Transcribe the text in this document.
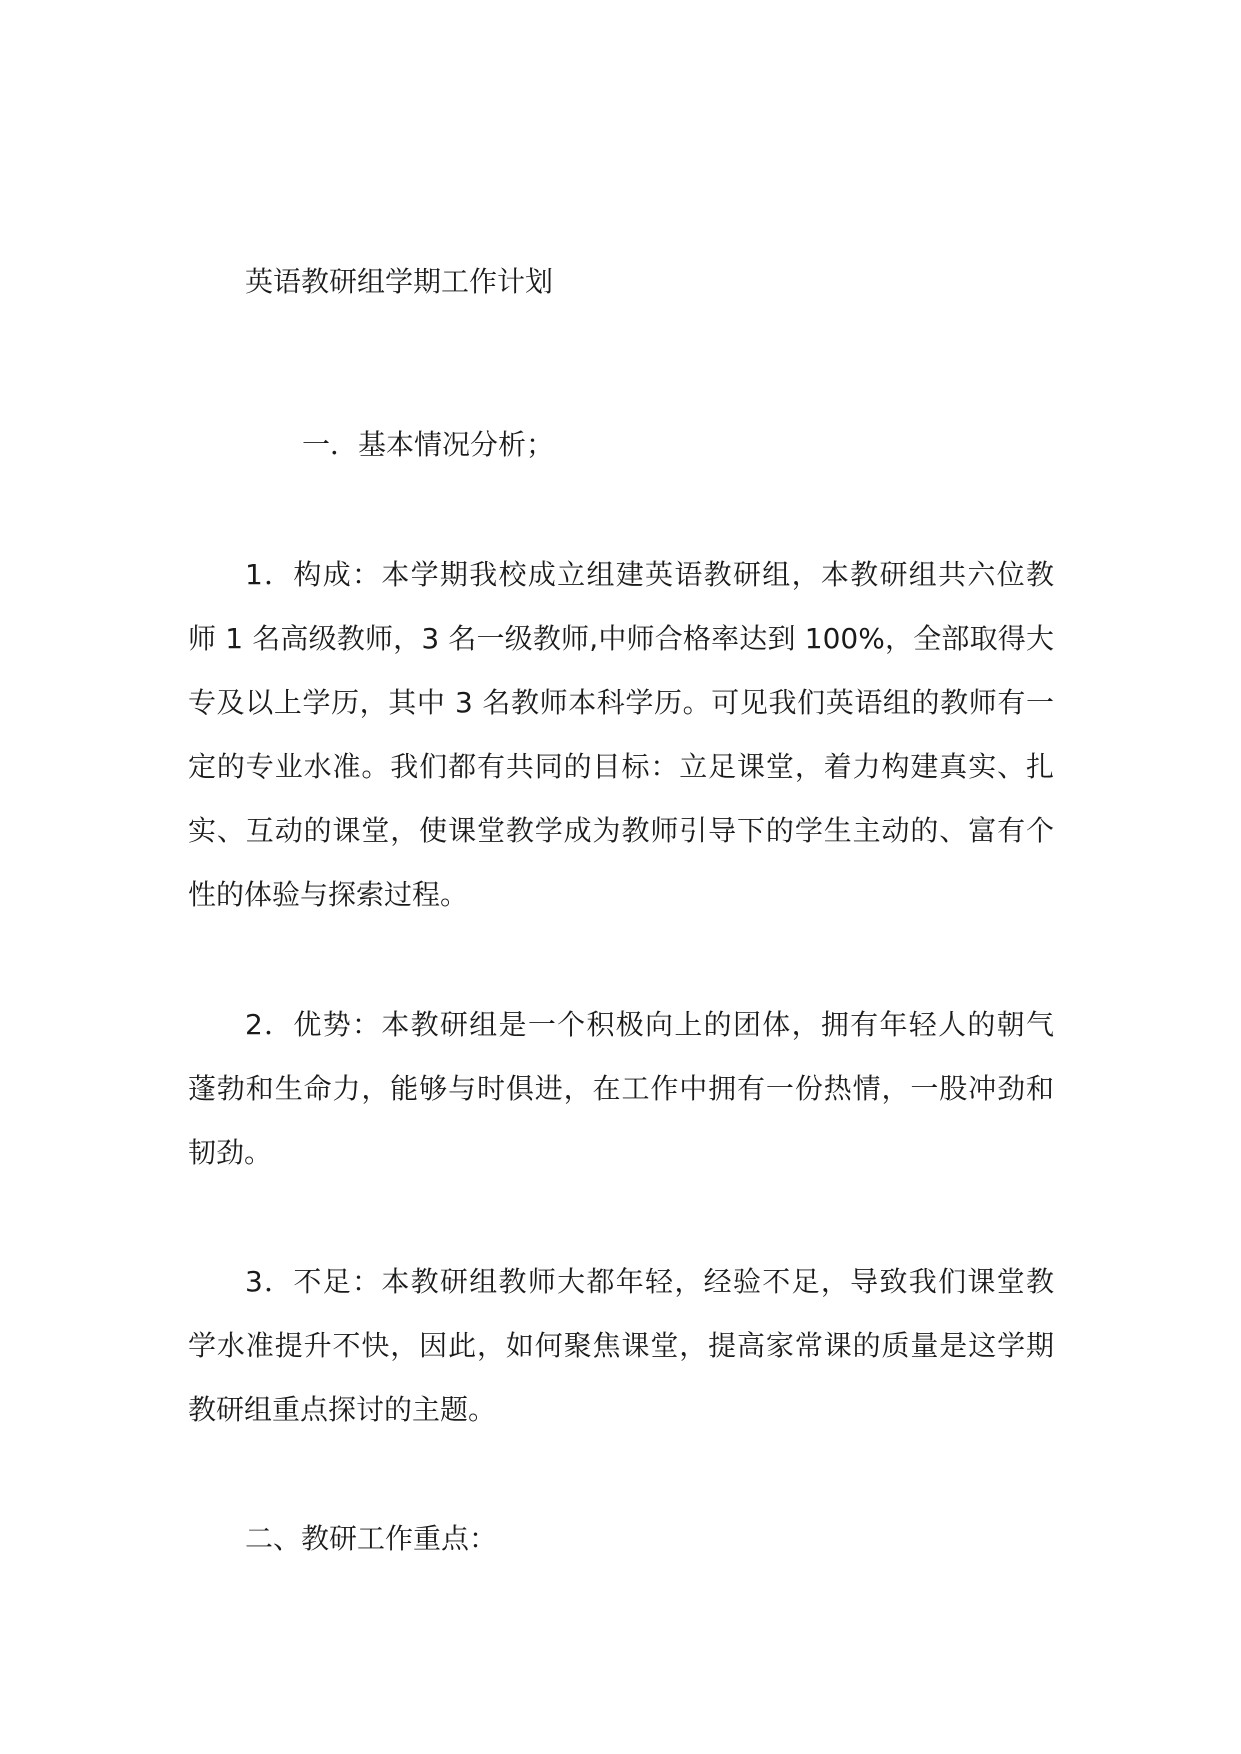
英语教研组学期工作计划
一．基本情况分析；
1．构成：本学期我校成立组建英语教研组，本教研组共六位教
师 1 名高级教师，3 名一级教师,中师合格率达到 100%，全部取得大
专及以上学历，其中 3 名教师本科学历。可见我们英语组的教师有一
定的专业水准。我们都有共同的目标：立足课堂，着力构建真实、扎
实、互动的课堂，使课堂教学成为教师引导下的学生主动的、富有个
性的体验与探索过程。
2．优势：本教研组是一个积极向上的团体，拥有年轻人的朝气
蓬勃和生命力，能够与时俱进，在工作中拥有一份热情，一股冲劲和
韧劲。
3．不足：本教研组教师大都年轻，经验不足，导致我们课堂教
学水准提升不快，因此，如何聚焦课堂，提高家常课的质量是这学期
教研组重点探讨的主题。
二、教研工作重点：
